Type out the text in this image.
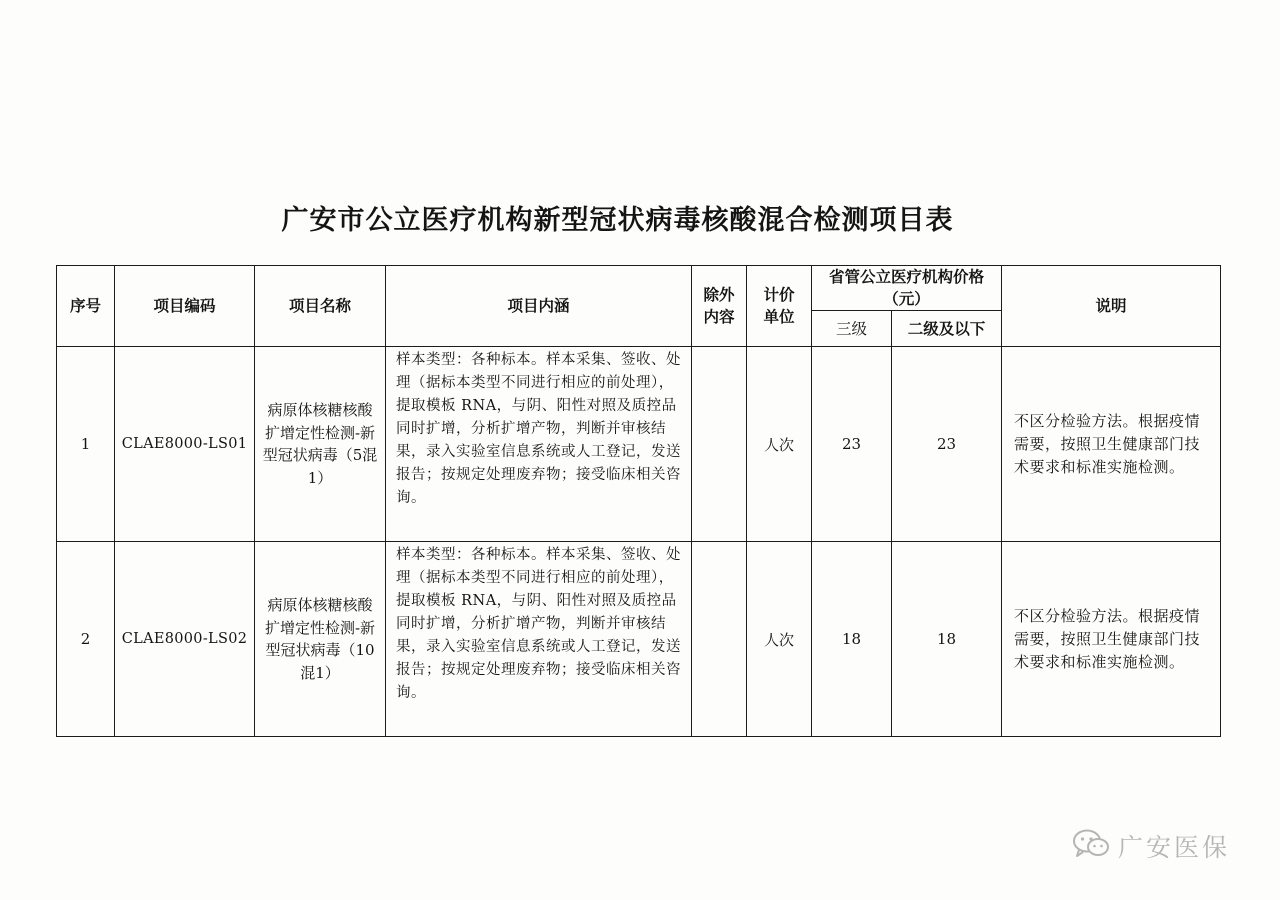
广安市公立医疗机构新型冠状病毒核酸混合检测项目表
序号	项目编码	项目名称	项目内涵	除外内容	计价单位	省管公立医疗机构价格（元）		说明
						三级	二级及以下	
1	CLAE8000-LS01	病原体核糖核酸扩增定性检测-新型冠状病毒（5混1）	样本类型：各种标本。样本采集、签收、处理（据标本类型不同进行相应的前处理），提取模板 RNA，与阴、阳性对照及质控品同时扩增，分析扩增产物，判断并审核结果，录入实验室信息系统或人工登记，发送报告；按规定处理废弃物；接受临床相关咨询。		人次	23	23	不区分检验方法。根据疫情需要，按照卫生健康部门技术要求和标准实施检测。
2	CLAE8000-LS02	病原体核糖核酸扩增定性检测-新型冠状病毒（10混1）	样本类型：各种标本。样本采集、签收、处理（据标本类型不同进行相应的前处理），提取模板 RNA，与阴、阳性对照及质控品同时扩增，分析扩增产物，判断并审核结果，录入实验室信息系统或人工登记，发送报告；按规定处理废弃物；接受临床相关咨询。		人次	18	18	不区分检验方法。根据疫情需要，按照卫生健康部门技术要求和标准实施检测。
广安医保
